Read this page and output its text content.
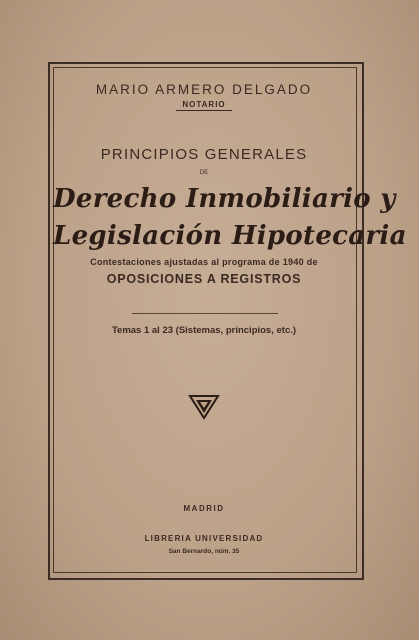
MARIO ARMERO DELGADO
NOTARIO
PRINCIPIOS GENERALES
DE
Derecho Inmobiliario y
Legislación Hipotecaria
Contestaciones ajustadas al programa de 1940 de
OPOSICIONES A REGISTROS
Temas 1 al 23 (Sistemas, principios, etc.)
MADRID
LIBRERIA UNIVERSIDAD
San Bernardo, núm. 35
